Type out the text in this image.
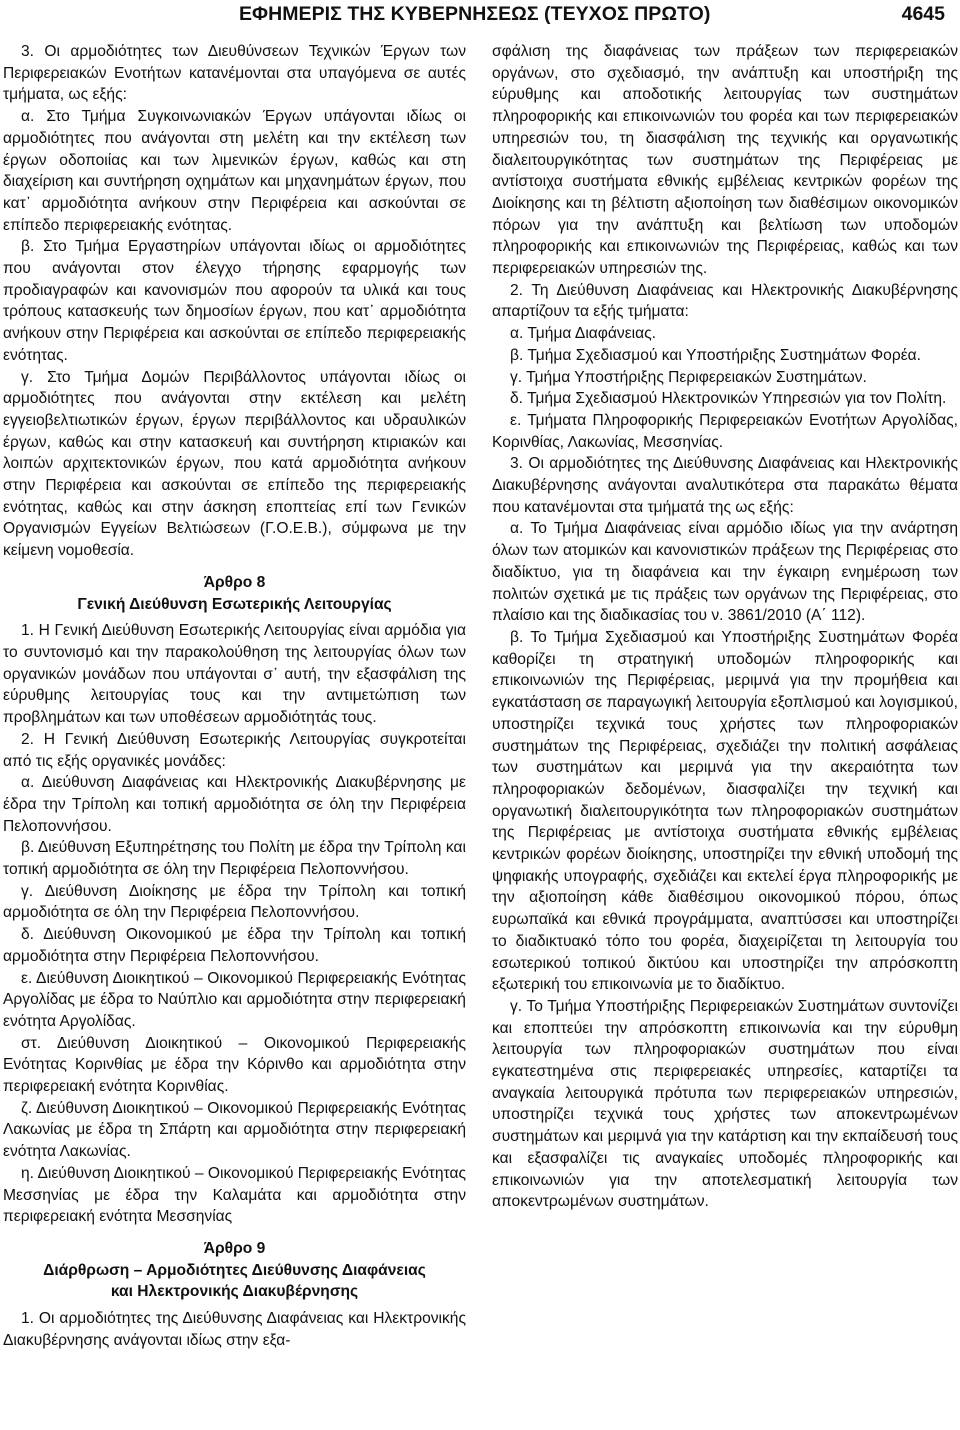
ΕΦΗΜΕΡΙΣ ΤΗΣ ΚΥΒΕΡΝΗΣΕΩΣ (ΤΕΥΧΟΣ ΠΡΩΤΟ)	4645

3. Οι αρμοδιότητες των Διευθύνσεων Τεχνικών Έργων των Περιφερειακών Ενοτήτων κατανέμονται στα υπαγόμενα σε αυτές τμήματα, ως εξής:

α. Στο Τμήμα Συγκοινωνιακών Έργων υπάγονται ιδίως οι αρμοδιότητες που ανάγονται στη μελέτη και την εκτέλεση των έργων οδοποιίας και των λιμενικών έργων, καθώς και στη διαχείριση και συντήρηση οχημάτων και μηχανημάτων έργων, που κατ᾽ αρμοδιότητα ανήκουν στην Περιφέρεια και ασκούνται σε επίπεδο περιφερειακής ενότητας.

β. Στο Τμήμα Εργαστηρίων υπάγονται ιδίως οι αρμοδιότητες που ανάγονται στον έλεγχο τήρησης εφαρμογής των προδιαγραφών και κανονισμών που αφορούν τα υλικά και τους τρόπους κατασκευής των δημοσίων έργων, που κατ᾽ αρμοδιότητα ανήκουν στην Περιφέρεια και ασκούνται σε επίπεδο περιφερειακής ενότητας.

γ. Στο Τμήμα Δομών Περιβάλλοντος υπάγονται ιδίως οι αρμοδιότητες που ανάγονται στην εκτέλεση και μελέτη εγγειοβελτιωτικών έργων, έργων περιβάλλοντος και υδραυλικών έργων, καθώς και στην κατασκευή και συντήρηση κτιριακών και λοιπών αρχιτεκτονικών έργων, που κατά αρμοδιότητα ανήκουν στην Περιφέρεια και ασκούνται σε επίπεδο της περιφερειακής ενότητας, καθώς και στην άσκηση εποπτείας επί των Γενικών Οργανισμών Εγγείων Βελτιώσεων (Γ.Ο.Ε.Β.), σύμφωνα με την κείμενη νομοθεσία.

Άρθρο 8
Γενική Διεύθυνση Εσωτερικής Λειτουργίας

1. Η Γενική Διεύθυνση Εσωτερικής Λειτουργίας είναι αρμόδια για το συντονισμό και την παρακολούθηση της λειτουργίας όλων των οργανικών μονάδων που υπάγονται σ᾽ αυτή, την εξασφάλιση της εύρυθμης λειτουργίας τους και την αντιμετώπιση των προβλημάτων και των υποθέσεων αρμοδιότητάς τους.

2. Η Γενική Διεύθυνση Εσωτερικής Λειτουργίας συγκροτείται από τις εξής οργανικές μονάδες:

α. Διεύθυνση Διαφάνειας και Ηλεκτρονικής Διακυβέρνησης με έδρα την Τρίπολη και τοπική αρμοδιότητα σε όλη την Περιφέρεια Πελοποννήσου.

β. Διεύθυνση Εξυπηρέτησης του Πολίτη με έδρα την Τρίπολη και τοπική αρμοδιότητα σε όλη την Περιφέρεια Πελοποννήσου.

γ. Διεύθυνση Διοίκησης με έδρα την Τρίπολη και τοπική αρμοδιότητα σε όλη την Περιφέρεια Πελοποννήσου.

δ. Διεύθυνση Οικονομικού με έδρα την Τρίπολη και τοπική αρμοδιότητα στην Περιφέρεια Πελοποννήσου.

ε. Διεύθυνση Διοικητικού – Οικονομικού Περιφερειακής Ενότητας Αργολίδας με έδρα το Ναύπλιο και αρμοδιότητα στην περιφερειακή ενότητα Αργολίδας.

στ. Διεύθυνση Διοικητικού – Οικονομικού Περιφερειακής Ενότητας Κορινθίας με έδρα την Κόρινθο και αρμοδιότητα στην περιφερειακή ενότητα Κορινθίας.

ζ. Διεύθυνση Διοικητικού – Οικονομικού Περιφερειακής Ενότητας Λακωνίας με έδρα τη Σπάρτη και αρμοδιότητα στην περιφερειακή ενότητα Λακωνίας.

η. Διεύθυνση Διοικητικού – Οικονομικού Περιφερειακής Ενότητας Μεσσηνίας με έδρα την Καλαμάτα και αρμοδιότητα στην περιφερειακή ενότητα Μεσσηνίας

Άρθρο 9
Διάρθρωση – Αρμοδιότητες Διεύθυνσης Διαφάνειας
και Ηλεκτρονικής Διακυβέρνησης

1. Οι αρμοδιότητες της Διεύθυνσης Διαφάνειας και Ηλεκτρονικής Διακυβέρνησης ανάγονται ιδίως στην εξα-

σφάλιση της διαφάνειας των πράξεων των περιφερειακών οργάνων, στο σχεδιασμό, την ανάπτυξη και υποστήριξη της εύρυθμης και αποδοτικής λειτουργίας των συστημάτων πληροφορικής και επικοινωνιών του φορέα και των περιφερειακών υπηρεσιών του, τη διασφάλιση της τεχνικής και οργανωτικής διαλειτουργικότητας των συστημάτων της Περιφέρειας με αντίστοιχα συστήματα εθνικής εμβέλειας κεντρικών φορέων της Διοίκησης και τη βέλτιστη αξιοποίηση των διαθέσιμων οικονομικών πόρων για την ανάπτυξη και βελτίωση των υποδομών πληροφορικής και επικοινωνιών της Περιφέρειας, καθώς και των περιφερειακών υπηρεσιών της.

2. Τη Διεύθυνση Διαφάνειας και Ηλεκτρονικής Διακυβέρνησης απαρτίζουν τα εξής τμήματα:

α. Τμήμα Διαφάνειας.

β. Τμήμα Σχεδιασμού και Υποστήριξης Συστημάτων Φορέα.

γ. Τμήμα Υποστήριξης Περιφερειακών Συστημάτων.

δ. Τμήμα Σχεδιασμού Ηλεκτρονικών Υπηρεσιών για τον Πολίτη.

ε. Τμήματα Πληροφορικής Περιφερειακών Ενοτήτων Αργολίδας, Κορινθίας, Λακωνίας, Μεσσηνίας.

3. Οι αρμοδιότητες της Διεύθυνσης Διαφάνειας και Ηλεκτρονικής Διακυβέρνησης ανάγονται αναλυτικότερα στα παρακάτω θέματα που κατανέμονται στα τμήματά της ως εξής:

α. Το Τμήμα Διαφάνειας είναι αρμόδιο ιδίως για την ανάρτηση όλων των ατομικών και κανονιστικών πράξεων της Περιφέρειας στο διαδίκτυο, για τη διαφάνεια και την έγκαιρη ενημέρωση των πολιτών σχετικά με τις πράξεις των οργάνων της Περιφέρειας, στο πλαίσιο και της διαδικασίας του ν. 3861/2010 (Α΄ 112).

β. Το Τμήμα Σχεδιασμού και Υποστήριξης Συστημάτων Φορέα καθορίζει τη στρατηγική υποδομών πληροφορικής και επικοινωνιών της Περιφέρειας, μεριμνά για την προμήθεια και εγκατάσταση σε παραγωγική λειτουργία εξοπλισμού και λογισμικού, υποστηρίζει τεχνικά τους χρήστες των πληροφοριακών συστημάτων της Περιφέρειας, σχεδιάζει την πολιτική ασφάλειας των συστημάτων και μεριμνά για την ακεραιότητα των πληροφοριακών δεδομένων, διασφαλίζει την τεχνική και οργανωτική διαλειτουργικότητα των πληροφοριακών συστημάτων της Περιφέρειας με αντίστοιχα συστήματα εθνικής εμβέλειας κεντρικών φορέων διοίκησης, υποστηρίζει την εθνική υποδομή της ψηφιακής υπογραφής, σχεδιάζει και εκτελεί έργα πληροφορικής με την αξιοποίηση κάθε διαθέσιμου οικονομικού πόρου, όπως ευρωπαϊκά και εθνικά προγράμματα, αναπτύσσει και υποστηρίζει το διαδικτυακό τόπο του φορέα, διαχειρίζεται τη λειτουργία του εσωτερικού τοπικού δικτύου και υποστηρίζει την απρόσκοπτη εξωτερική του επικοινωνία με το διαδίκτυο.

γ. Το Τμήμα Υποστήριξης Περιφερειακών Συστημάτων συντονίζει και εποπτεύει την απρόσκοπτη επικοινωνία και την εύρυθμη λειτουργία των πληροφοριακών συστημάτων που είναι εγκατεστημένα στις περιφερειακές υπηρεσίες, καταρτίζει τα αναγκαία λειτουργικά πρότυπα των περιφερειακών υπηρεσιών, υποστηρίζει τεχνικά τους χρήστες των αποκεντρωμένων συστημάτων και μεριμνά για την κατάρτιση και την εκπαίδευσή τους και εξασφαλίζει τις αναγκαίες υποδομές πληροφορικής και επικοινωνιών για την αποτελεσματική λειτουργία των αποκεντρωμένων συστημάτων.
